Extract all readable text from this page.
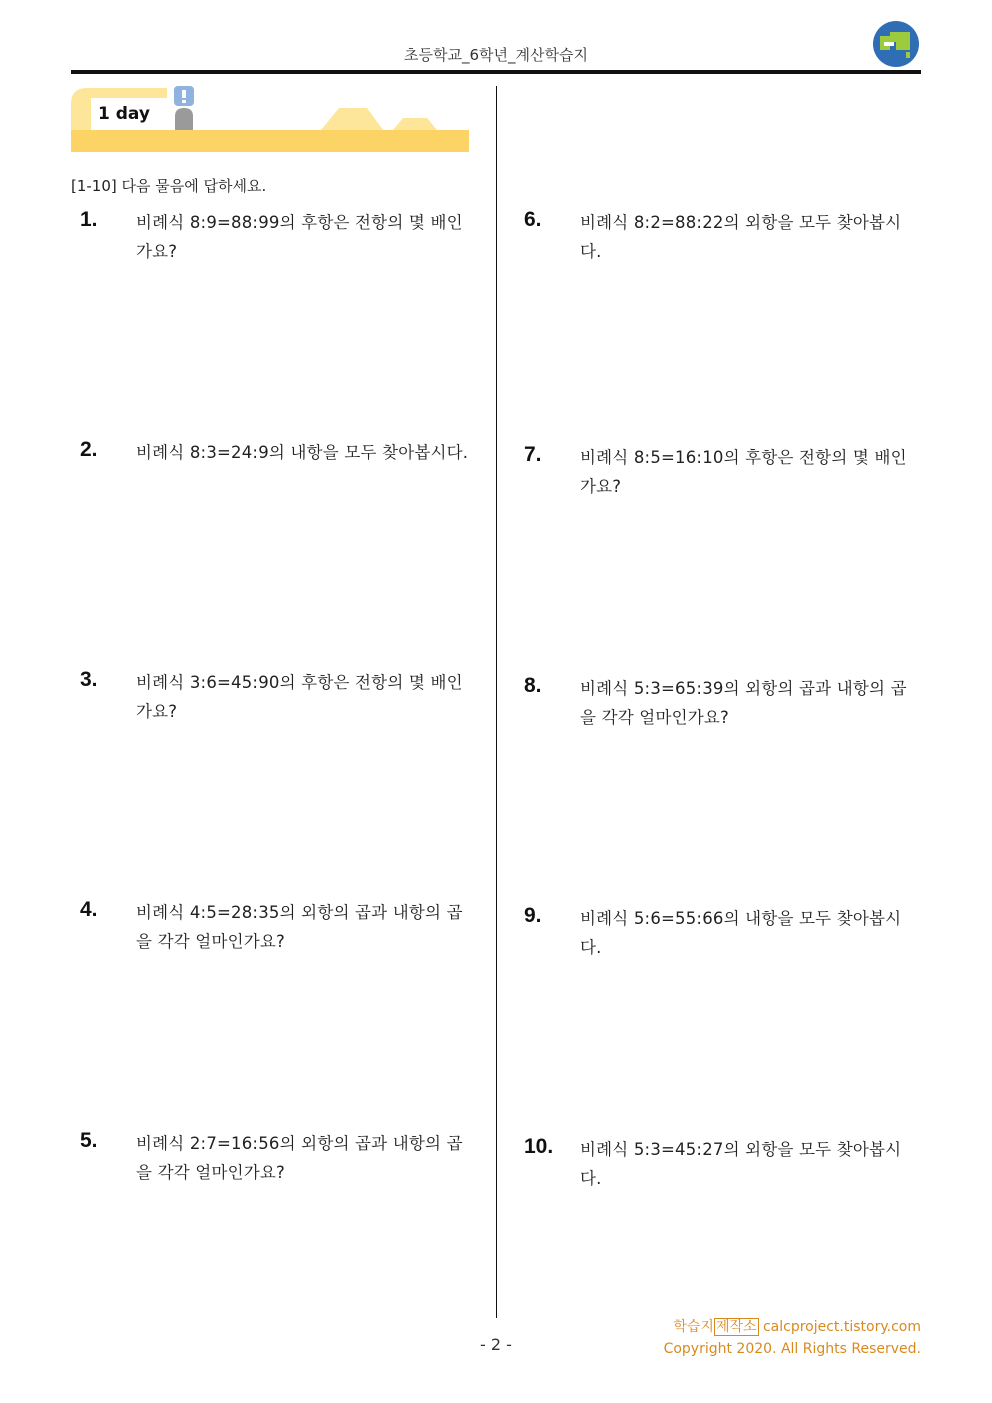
초등학교_6학년_계산학습지
1 day
[1-10] 다음 물음에 답하세요.
1. 비례식 8:9=88:99의 후항은 전항의 몇 배인가요?
2. 비례식 8:3=24:9의 내항을 모두 찾아봅시다.
3. 비례식 3:6=45:90의 후항은 전항의 몇 배인가요?
4. 비례식 4:5=28:35의 외항의 곱과 내항의 곱을 각각 얼마인가요?
5. 비례식 2:7=16:56의 외항의 곱과 내항의 곱을 각각 얼마인가요?
6. 비례식 8:2=88:22의 외항을 모두 찾아봅시다.
7. 비례식 8:5=16:10의 후항은 전항의 몇 배인가요?
8. 비례식 5:3=65:39의 외항의 곱과 내항의 곱을 각각 얼마인가요?
9. 비례식 5:6=55:66의 내항을 모두 찾아봅시다.
10. 비례식 5:3=45:27의 외항을 모두 찾아봅시다.
- 2 -
학습지 제작소 calcproject.tistory.com
Copyright 2020. All Rights Reserved.
